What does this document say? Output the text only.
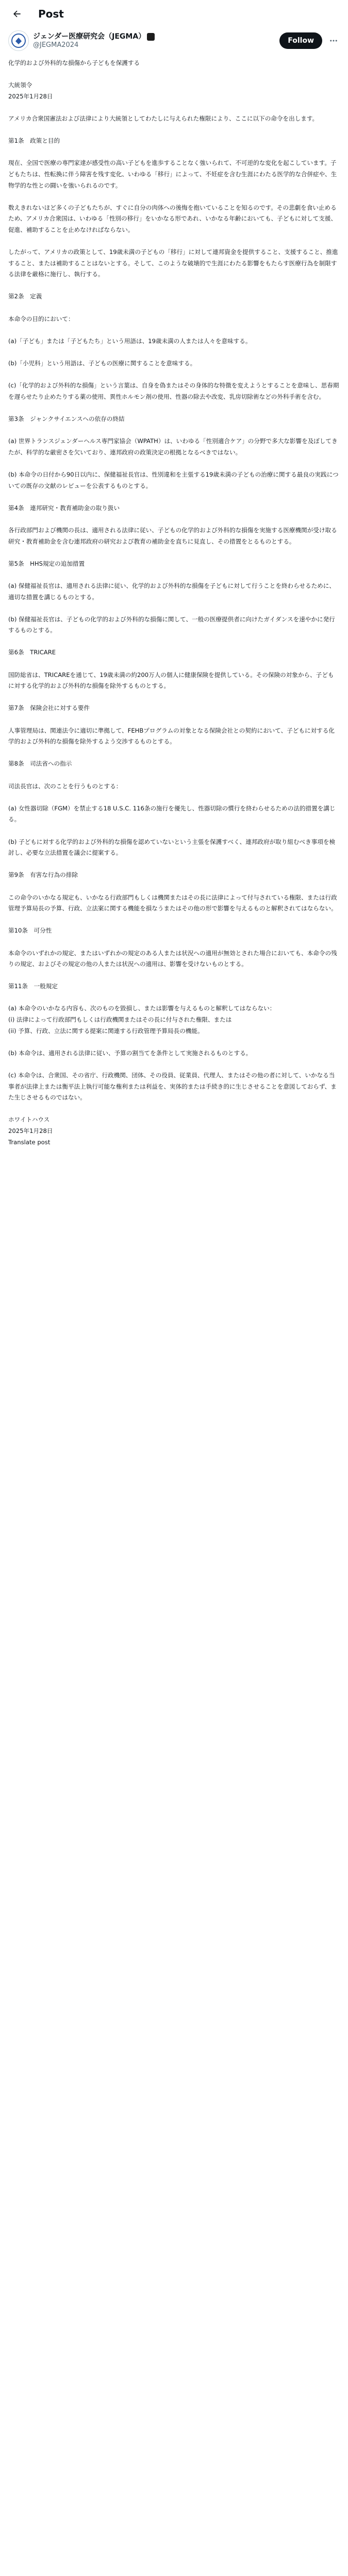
Post
ジェンダー医療研究会（JEGMA）
@JEGMA2024	Follow

化学的および外科的な損傷から子どもを保護する

大統領令
2025年1月28日

アメリカ合衆国憲法および法律により大統領としてわたしに与えられた権限により、ここに以下の命令を出します。

第1条　政策と目的

現在、全国で医療の専門家達が感受性の高い子どもを進歩することなく強いられて、不可逆的な変化を起こしています。子どもたちは、性転換に伴う障害を残す変化、いわゆる「移行」によって、不妊症を含む生涯にわたる医学的な合併症や、生物学的な性との闘いを強いられるのです。

数えきれないほど多くの子どもたちが、すぐに自分の肉体への後悔を抱いていることを知るのです。その悲劇を食い止めるため、アメリカ合衆国は、いわゆる「性別の移行」をいかなる形であれ、いかなる年齢においても、子どもに対して支援、促進、補助することを止めなければならない。

したがって、アメリカの政策として、19歳未満の子どもの「移行」に対して連邦資金を提供すること、支援すること、推進すること、または補助することはないとする。そして、このような破壊的で生涯にわたる影響をもたらす医療行為を制限する法律を厳格に施行し、執行する。

第2条　定義

本命令の目的において：

(a)「子ども」または「子どもたち」という用語は、19歳未満の人または人々を意味する。

(b)「小児科」という用語は、子どもの医療に関することを意味する。

(c)「化学的および外科的な損傷」という言葉は、自身を偽またはその身体的な特徴を変えようとすることを意味し、思春期を遅らせたり止めたりする薬の使用、異性ホルモン剤の使用、性器の除去や改変、乳房切除術などの外科手術を含む。

第3条　ジャンクサイエンスへの依存の終結

(a) 世界トランスジェンダーヘルス専門家協会（WPATH）は、いわゆる「性別適合ケア」の分野で多大な影響を及ぼしてきたが、科学的な厳密さを欠いており、連邦政府の政策決定の根拠となるべきではない。

(b) 本命令の日付から90日以内に、保健福祉長官は、性別違和を主張する19歳未満の子どもの治療に関する最良の実践についての既存の文献のレビューを公表するものとする。

第4条　連邦研究・教育補助金の取り扱い

各行政部門および機関の長は、適用される法律に従い、子どもの化学的および外科的な損傷を実施する医療機関が受け取る研究・教育補助金を含む連邦政府の研究および教育の補助金を直ちに見直し、その措置をとるものとする。

第5条　HHS規定の追加措置

(a) 保健福祉長官は、適用される法律に従い、化学的および外科的な損傷を子どもに対して行うことを終わらせるために、適切な措置を講じるものとする。

(b) 保健福祉長官は、子どもの化学的および外科的な損傷に関して、一般の医療提供者に向けたガイダンスを速やかに発行するものとする。

第6条　TRICARE

国防総省は、TRICAREを通じて、19歳未満の約200万人の個人に健康保険を提供している。その保険の対象から、子どもに対する化学的および外科的な損傷を除外するものとする。

第7条　保険会社に対する要件

人事管理局は、関連法令に適切に準拠して、FEHBプログラムの対象となる保険会社との契約において、子どもに対する化学的および外科的な損傷を除外するよう交渉するものとする。

第8条　司法省への指示

司法長官は、次のことを行うものとする：

(a) 女性器切除（FGM）を禁止する18 U.S.C. 116条の施行を優先し、性器切除の慣行を終わらせるための法的措置を講じる。

(b) 子どもに対する化学的および外科的な損傷を認めていないという主張を保護すべく、連邦政府が取り組むべき事項を検討し、必要な立法措置を議会に提案する。

第9条　有害な行為の排除

この命令のいかなる規定も、いかなる行政部門もしくは機関またはその長に法律によって付与されている権限、または行政管理予算局長の予算、行政、立法案に関する機能を損なうまたはその他の形で影響を与えるものと解釈されてはならない。

第10条　可分性

本命令のいずれかの規定、またはいずれかの規定のある人または状況への適用が無効とされた場合においても、本命令の残りの規定、およびその規定の他の人または状況への適用は、影響を受けないものとする。

第11条　一般規定

(a) 本命令のいかなる内容も、次のものを毀損し、または影響を与えるものと解釈してはならない：
(i) 法律によって行政部門もしくは行政機関またはその長に付与された権限、または
(ii) 予算、行政、立法に関する提案に関連する行政管理予算局長の機能。

(b) 本命令は、適用される法律に従い、予算の割当てを条件として実施されるものとする。

(c) 本命令は、合衆国、その省庁、行政機関、団体、その役員、従業員、代理人、またはその他の者に対して、いかなる当事者が法律上または衡平法上執行可能な権利または利益を、実体的または手続き的に生じさせることを意図しておらず、また生じさせるものではない。

ホワイトハウス
2025年1月28日
Translate post
